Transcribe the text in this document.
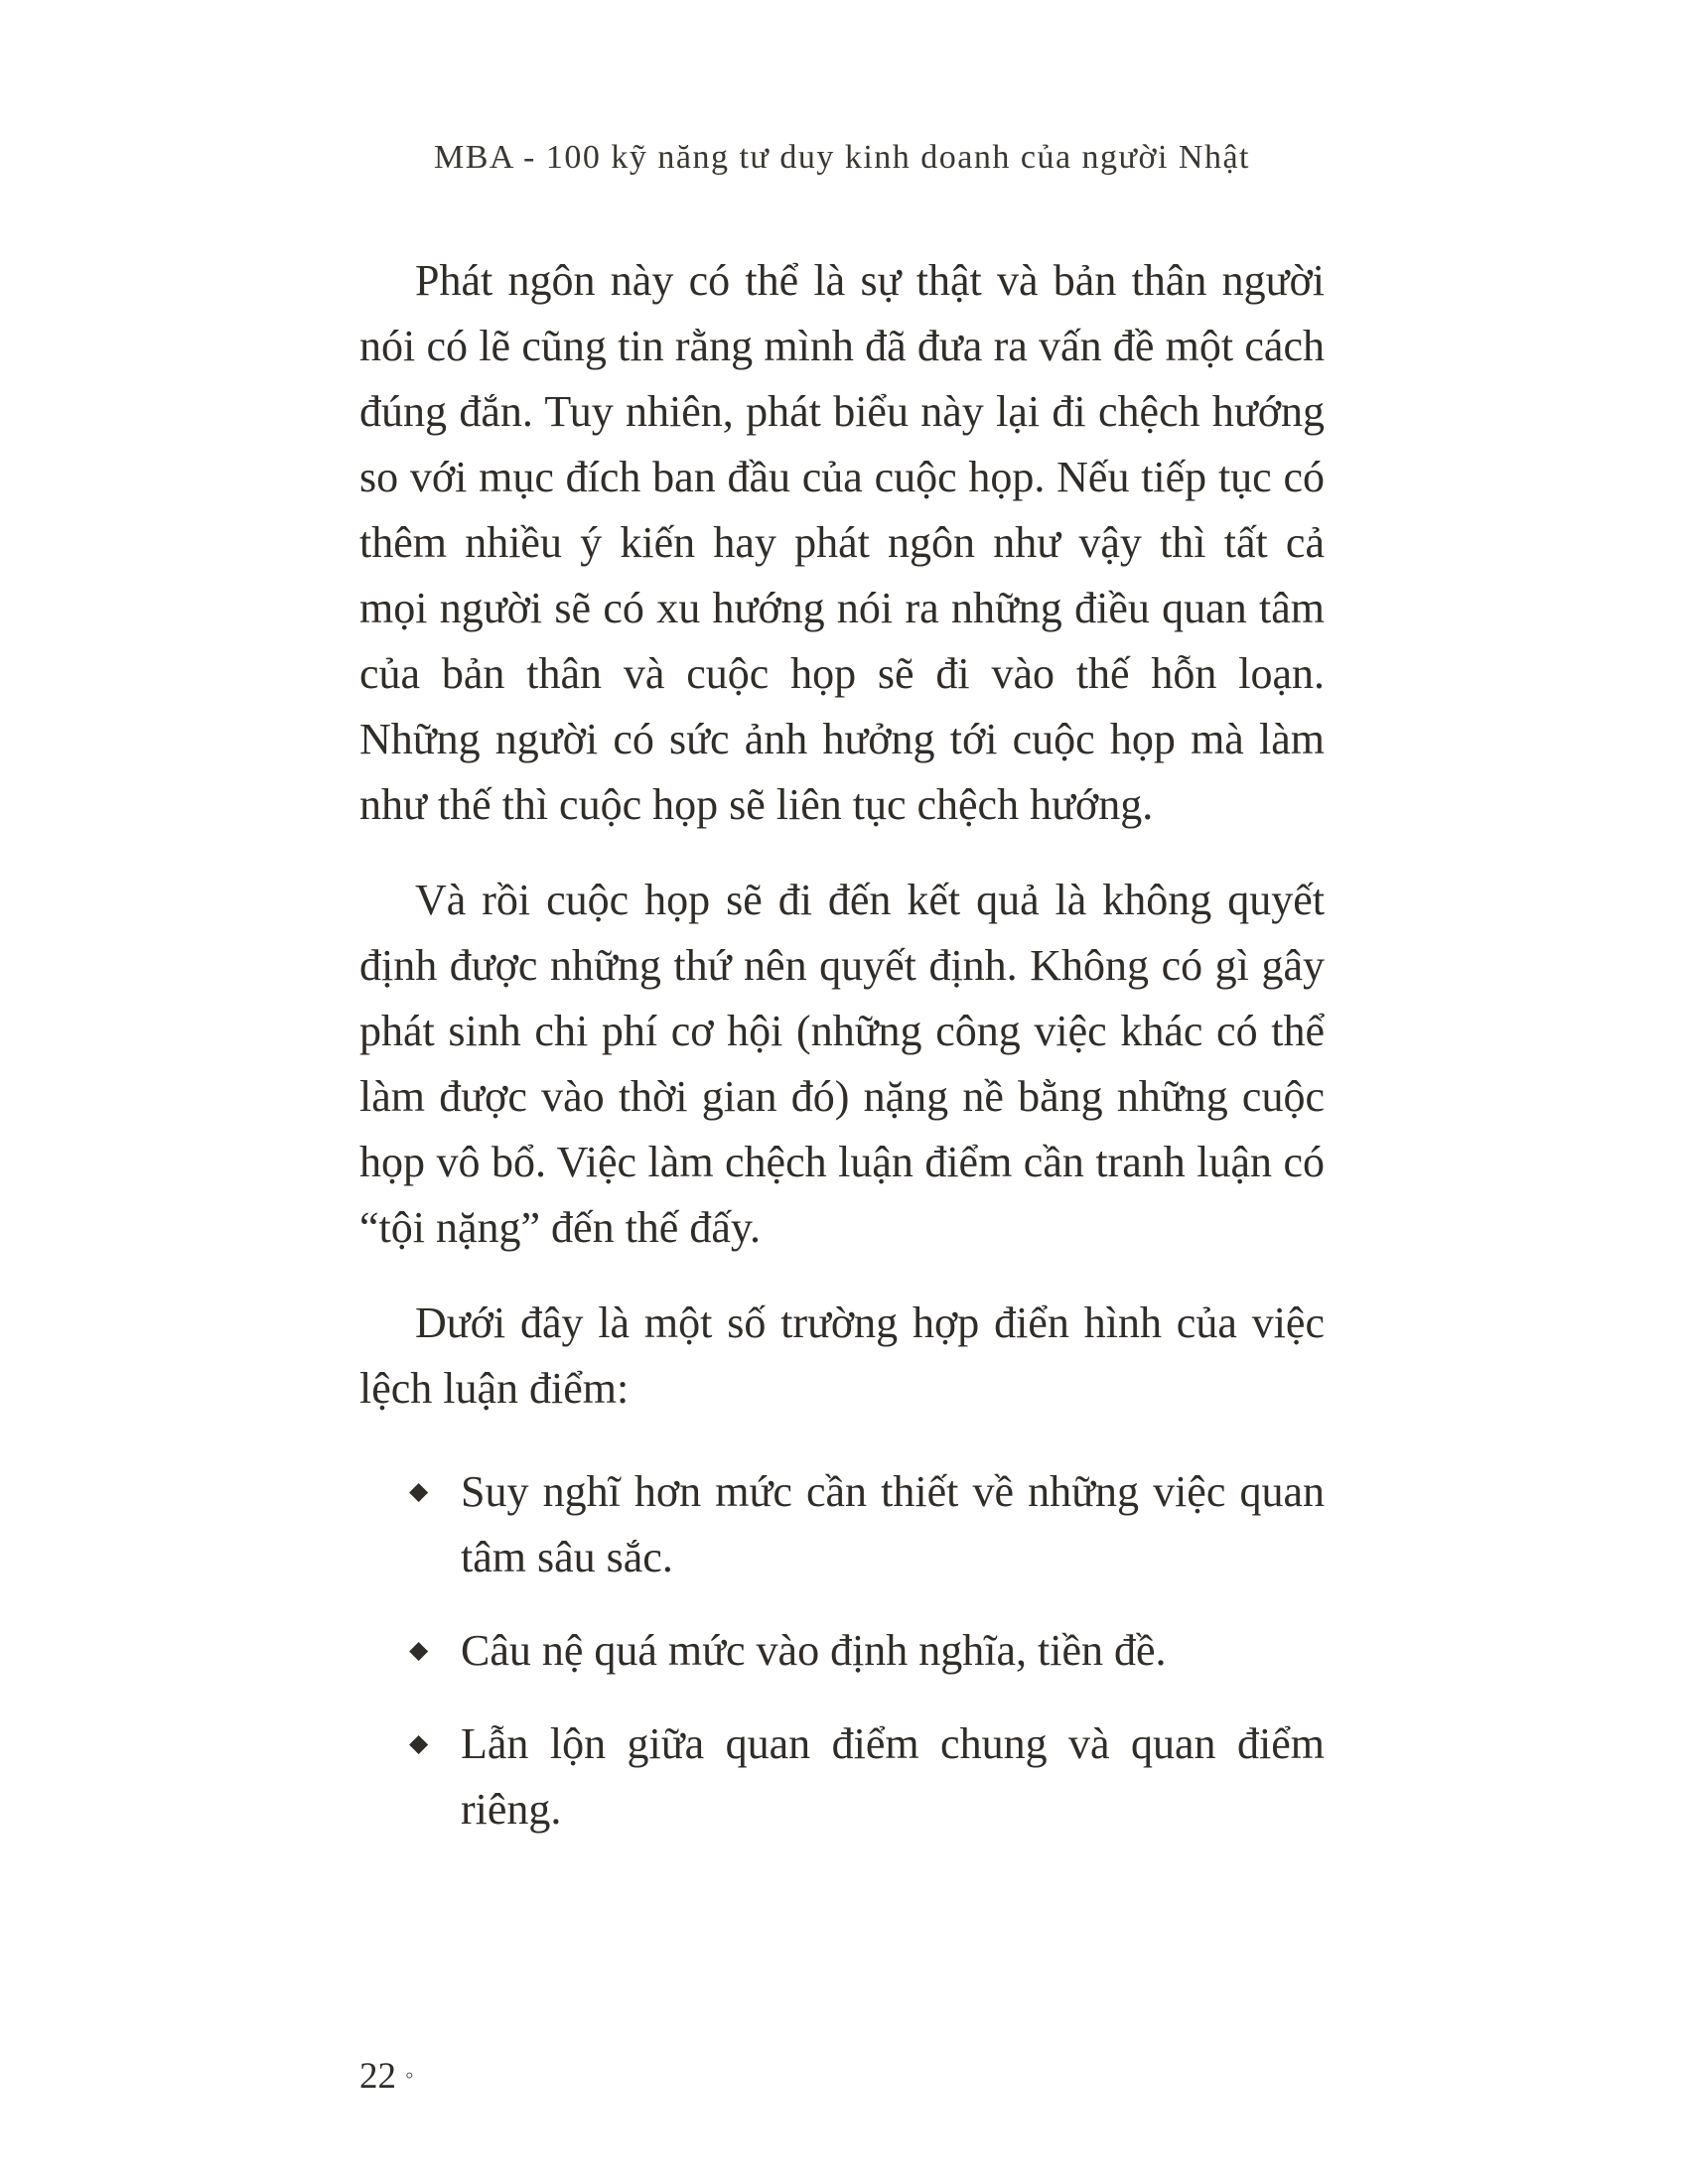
MBA - 100 kỹ năng tư duy kinh doanh của người Nhật

Phát ngôn này có thể là sự thật và bản thân người nói có lẽ cũng tin rằng mình đã đưa ra vấn đề một cách đúng đắn. Tuy nhiên, phát biểu này lại đi chệch hướng so với mục đích ban đầu của cuộc họp. Nếu tiếp tục có thêm nhiều ý kiến hay phát ngôn như vậy thì tất cả mọi người sẽ có xu hướng nói ra những điều quan tâm của bản thân và cuộc họp sẽ đi vào thế hỗn loạn. Những người có sức ảnh hưởng tới cuộc họp mà làm như thế thì cuộc họp sẽ liên tục chệch hướng.

Và rồi cuộc họp sẽ đi đến kết quả là không quyết định được những thứ nên quyết định. Không có gì gây phát sinh chi phí cơ hội (những công việc khác có thể làm được vào thời gian đó) nặng nề bằng những cuộc họp vô bổ. Việc làm chệch luận điểm cần tranh luận có “tội nặng” đến thế đấy.

Dưới đây là một số trường hợp điển hình của việc lệch luận điểm:

◆ Suy nghĩ hơn mức cần thiết về những việc quan tâm sâu sắc.
◆ Câu nệ quá mức vào định nghĩa, tiền đề.
◆ Lẫn lộn giữa quan điểm chung và quan điểm riêng.
22 ◦
